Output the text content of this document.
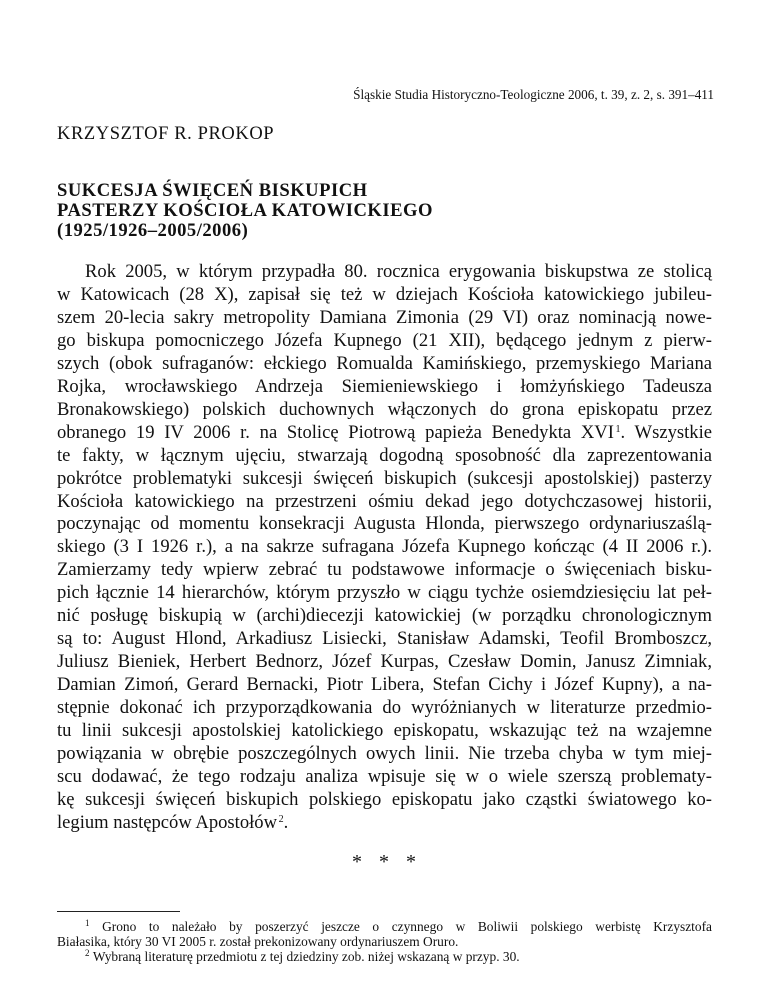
Śląskie Studia Historyczno-Teologiczne 2006, t. 39, z. 2, s. 391–411
KRZYSZTOF R. PROKOP
SUKCESJA ŚWIĘCEŃ BISKUPICH
PASTERZY KOŚCIOŁA KATOWICKIEGO
(1925/1926–2005/2006)

Rok 2005, w którym przypadła 80. rocznica erygowania biskupstwa ze stolicą
w Katowicach (28 X), zapisał się też w dziejach Kościoła katowickiego jubileu-
szem 20-lecia sakry metropolity Damiana Zimonia (29 VI) oraz nominacją nowe-
go biskupa pomocniczego Józefa Kupnego (21 XII), będącego jednym z pierw-
szych (obok sufraganów: ełckiego Romualda Kamińskiego, przemyskiego Mariana
Rojka, wrocławskiego Andrzeja Siemieniewskiego i łomżyńskiego Tadeusza
Bronakowskiego) polskich duchownych włączonych do grona episkopatu przez
obranego 19 IV 2006 r. na Stolicę Piotrową papieża Benedykta XVI  $^1$. Wszystkie
te fakty, w łącznym ujęciu, stwarzają dogodną sposobność dla zaprezentowania
pokrótce problematyki sukcesji święceń biskupich (sukcesji apostolskiej) pasterzy
Kościoła katowickiego na przestrzeni ośmiu dekad jego dotychczasowej historii,
poczynając od momentu konsekracji Augusta Hlonda, pierwszego ordynariuszaślą-
skiego (3 I 1926 r.), a na sakrze sufragana Józefa Kupnego kończąc (4 II 2006 r.).
Zamierzamy tedy wpierw zebrać tu podstawowe informacje o święceniach bisku-
pich łącznie 14 hierarchów, którym przyszło w ciągu tychże osiemdziesięciu lat peł-
nić posługę biskupią w (archi)diecezji katowickiej (w porządku chronologicznym
są to: August Hlond, Arkadiusz Lisiecki, Stanisław Adamski, Teofil Bromboszcz,
Juliusz Bieniek, Herbert Bednorz, Józef Kurpas, Czesław Domin, Janusz Zimniak,
Damian Zimoń, Gerard Bernacki, Piotr Libera, Stefan Cichy i Józef Kupny), a na-
stępnie dokonać ich przyporządkowania do wyróżnianych w literaturze przedmio-
tu linii sukcesji apostolskiej katolickiego episkopatu, wskazując też na wzajemne
powiązania w obrębie poszczególnych owych linii. Nie trzeba chyba w tym miej-
scu dodawać, że tego rodzaju analiza wpisuje się w o wiele szerszą problematy-
kę sukcesji święceń biskupich polskiego episkopatu jako cząstki światowego ko-
legium następców Apostołów  $^2$.

* * *
$^1$ Grono to należało by poszerzyć jeszcze o czynnego w Boliwii polskiego werbistę Krzysztofa
Białasika, który 30 VI 2005 r. został prekonizowany ordynariuszem Oruro.
$^2$ Wybraną literaturę przedmiotu z tej dziedziny zob. niżej wskazaną w przyp. 30.
